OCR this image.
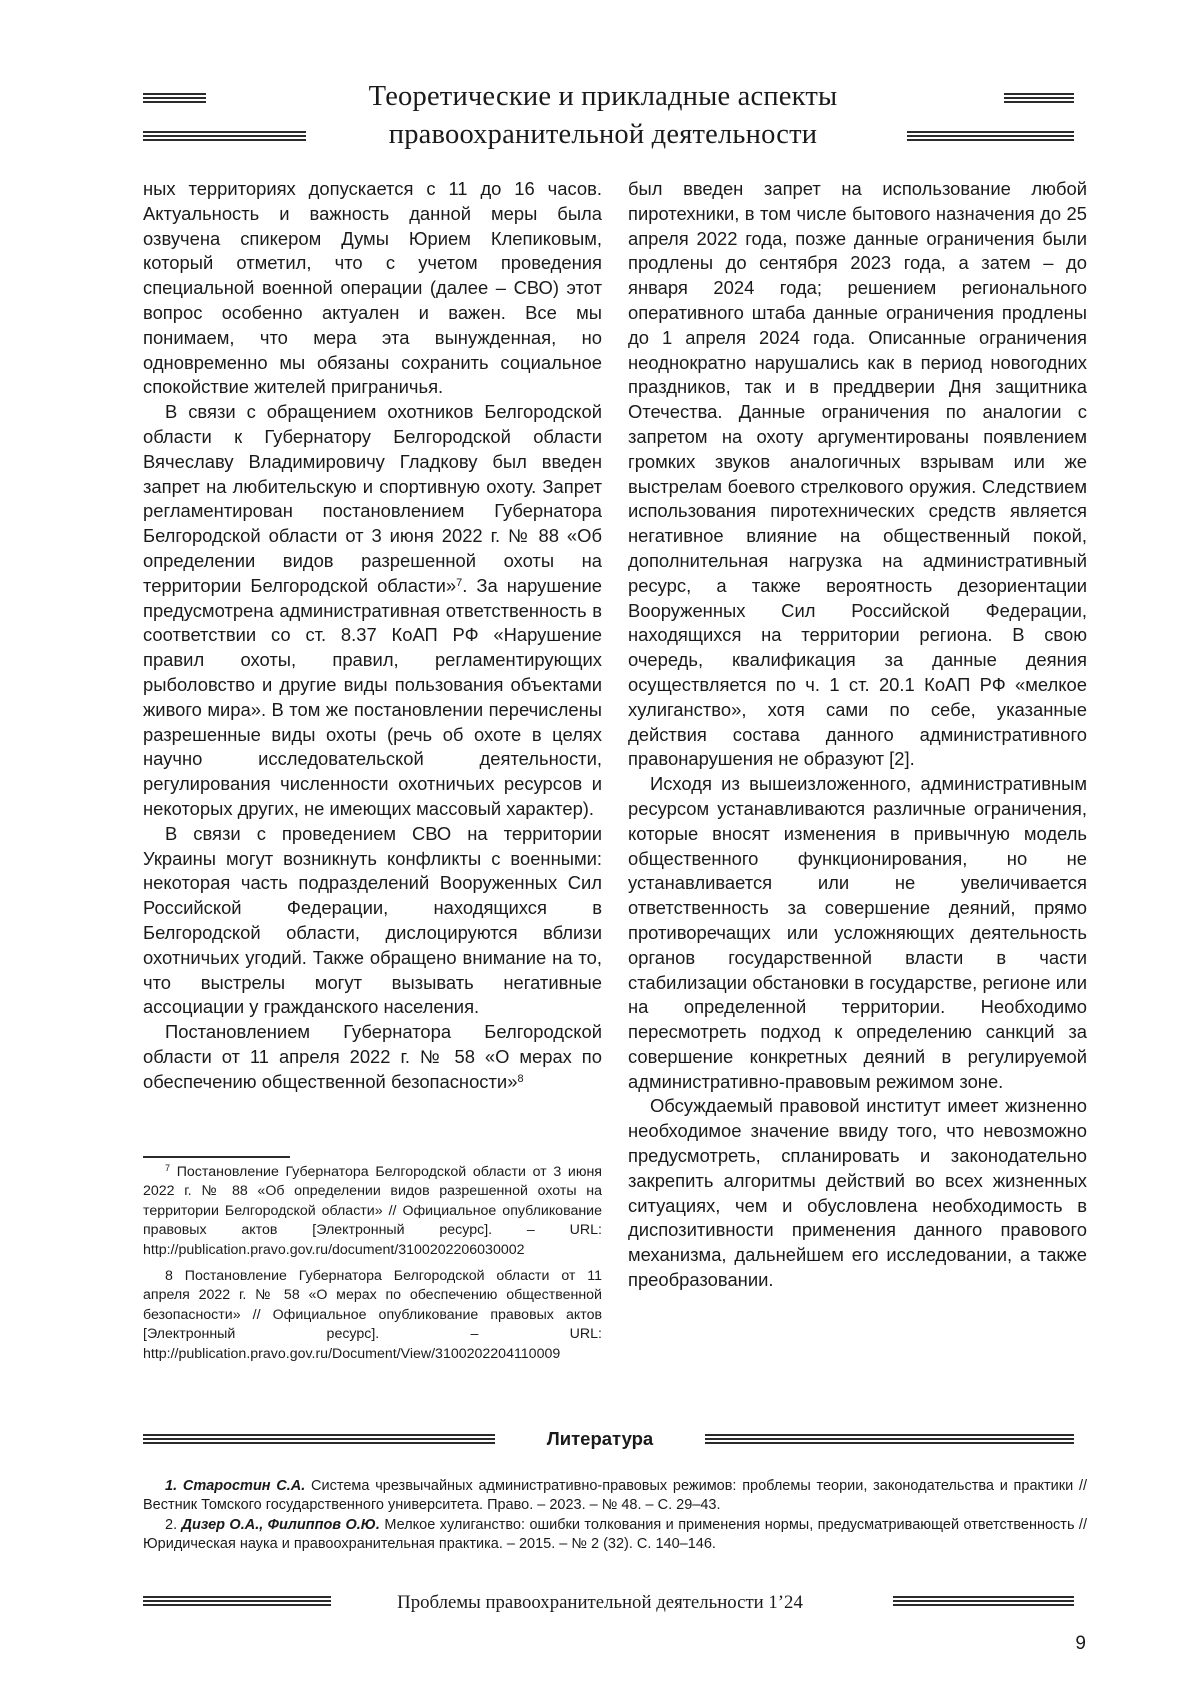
Теоретические и прикладные аспекты
правоохранительной деятельности

ных территориях допускается с 11 до 16 часов. Актуальность и важность данной меры была озвучена спикером Думы Юрием Клепиковым, который отметил, что с учетом проведения специальной военной операции (далее – СВО) этот вопрос особенно актуален и важен. Все мы понимаем, что мера эта вынужденная, но одновременно мы обязаны сохранить социальное спокойствие жителей приграничья.

В связи с обращением охотников Белгородской области к Губернатору Белгородской области Вячеславу Владимировичу Гладкову был введен запрет на любительскую и спортивную охоту. Запрет регламентирован постановлением Губернатора Белгородской области от 3 июня 2022 г. № 88 «Об определении видов разрешенной охоты на территории Белгородской области»$^7$. За нарушение предусмотрена административная ответственность в соответствии со ст. 8.37 КоАП РФ «Нарушение правил охоты, правил, регламентирующих рыболовство и другие виды пользования объектами живого мира». В том же постановлении перечислены разрешенные виды охоты (речь об охоте в целях научно исследовательской деятельности, регулирования численности охотничьих ресурсов и некоторых других, не имеющих массовый характер).

В связи с проведением СВО на территории Украины могут возникнуть конфликты с военными: некоторая часть подразделений Вооруженных Сил Российской Федерации, находящихся в Белгородской области, дислоцируются вблизи охотничьих угодий. Также обращено внимание на то, что выстрелы могут вызывать негативные ассоциации у гражданского населения.

Постановлением Губернатора Белгородской области от 11 апреля 2022 г. № 58 «О мерах по обеспечению общественной безопасности»$^8$

был введен запрет на использование любой пиротехники, в том числе бытового назначения до 25 апреля 2022 года, позже данные ограничения были продлены до сентября 2023 года, а затем – до января 2024 года; решением регионального оперативного штаба данные ограничения продлены до 1 апреля 2024 года. Описанные ограничения неоднократно нарушались как в период новогодних праздников, так и в преддверии Дня защитника Отечества. Данные ограничения по аналогии с запретом на охоту аргументированы появлением громких звуков аналогичных взрывам или же выстрелам боевого стрелкового оружия. Следствием использования пиротехнических средств является негативное влияние на общественный покой, дополнительная нагрузка на административный ресурс, а также вероятность дезориентации Вооруженных Сил Российской Федерации, находящихся на территории региона. В свою очередь, квалификация за данные деяния осуществляется по ч. 1 ст. 20.1 КоАП РФ «мелкое хулиганство», хотя сами по себе, указанные действия состава данного административного правонарушения не образуют [2].

Исходя из вышеизложенного, административным ресурсом устанавливаются различные ограничения, которые вносят изменения в привычную модель общественного функционирования, но не устанавливается или не увеличивается ответственность за совершение деяний, прямо противоречащих или усложняющих деятельность органов государственной власти в части стабилизации обстановки в государстве, регионе или на определенной территории. Необходимо пересмотреть подход к определению санкций за совершение конкретных деяний в регулируемой административно-правовым режимом зоне.

Обсуждаемый правовой институт имеет жизненно необходимое значение ввиду того, что невозможно предусмотреть, спланировать и законодательно закрепить алгоритмы действий во всех жизненных ситуациях, чем и обусловлена необходимость в диспозитивности применения данного правового механизма, дальнейшем его исследовании, а также преобразовании.

$^7$ Постановление Губернатора Белгородской области от 3 июня 2022 г. № 88 «Об определении видов разрешенной охоты на территории Белгородской области» // Официальное опубликование правовых актов [Электронный ресурс]. – URL: http://publication.pravo.gov.ru/document/3100202206030002

8 Постановление Губернатора Белгородской области от 11 апреля 2022 г. № 58 «О мерах по обеспечению общественной безопасности» // Официальное опубликование правовых актов [Электронный ресурс]. – URL: http://publication.pravo.gov.ru/Document/View/3100202204110009

Литература

1. Старостин С.А. Система чрезвычайных административно-правовых режимов: проблемы теории, законодательства и практики // Вестник Томского государственного университета. Право. – 2023. – № 48. – С. 29–43.

2. Дизер О.А., Филиппов О.Ю. Мелкое хулиганство: ошибки толкования и применения нормы, предусматривающей ответственность // Юридическая наука и правоохранительная практика. – 2015. – № 2 (32). С. 140–146.

Проблемы правоохранительной деятельности 1’24
9
